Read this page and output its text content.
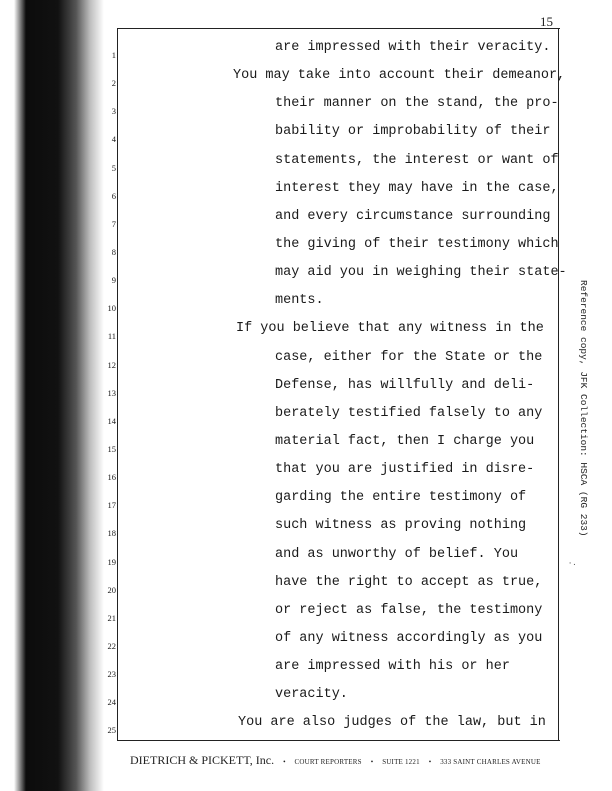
15
1	are impressed with their veracity.
2	You may take into account their demeanor,
3	their manner on the stand, the pro-
4	bability or improbability of their
5	statements, the interest or want of
6	interest they may have in the case,
7	and every circumstance surrounding
8	the giving of their testimony which
9	may aid you in weighing their state-
10	ments.
11	If you believe that any witness in the
12	case, either for the State or the
13	Defense, has willfully and deli-
14	berately testified falsely to any
15	material fact, then I charge you
16	that you are justified in disre-
17	garding the entire testimony of
18	such witness as proving nothing
19	and as unworthy of belief. You
20	have the right to accept as true,
21	or reject as false, the testimony
22	of any witness accordingly as you
23	are impressed with his or her
24	veracity.
25	You are also judges of the law, but in
DIETRICH & PICKETT, Inc. • COURT REPORTERS • SUITE 1221 • 333 SAINT CHARLES AVENUE
Reference copy, JFK Collection: HSCA (RG 233)
·.
